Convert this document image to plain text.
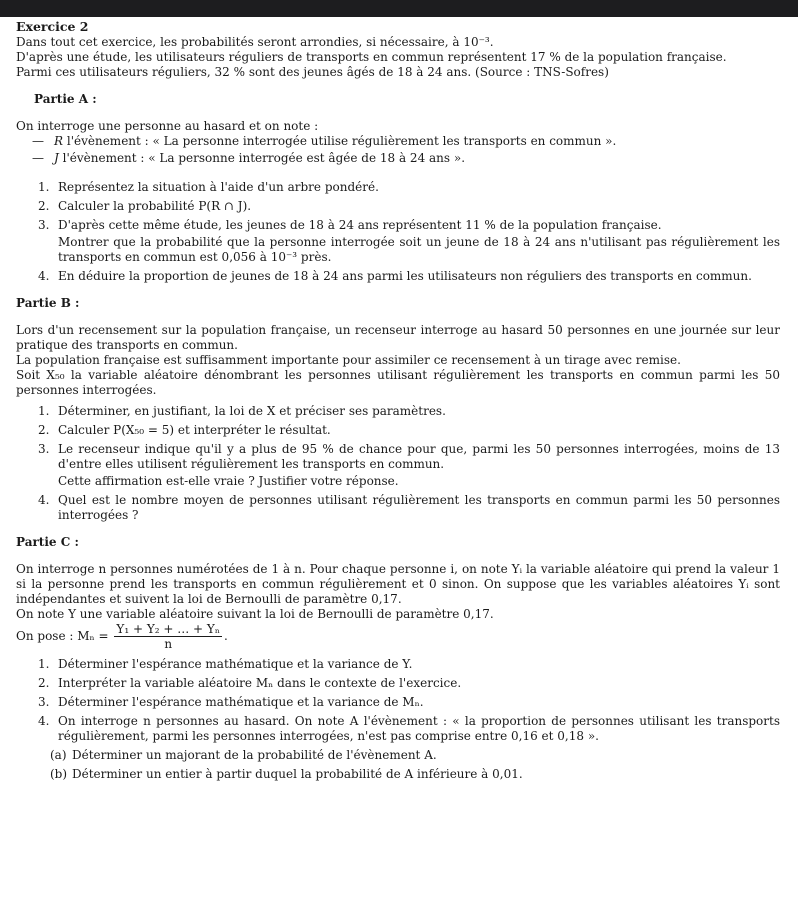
Exercice 2

Dans tout cet exercice, les probabilités seront arrondies, si nécessaire, à 10⁻³.

D'après une étude, les utilisateurs réguliers de transports en commun représentent 17 % de la population française.

Parmi ces utilisateurs réguliers, 32 % sont des jeunes âgés de 18 à 24 ans. (Source : TNS-Sofres)

Partie A :

On interroge une personne au hasard et on note :

— R l'évènement : « La personne interrogée utilise régulièrement les transports en commun ».
— J l'évènement : « La personne interrogée est âgée de 18 à 24 ans ».
1. Représentez la situation à l'aide d'un arbre pondéré.
2. Calculer la probabilité P(R ∩ J).
3. D'après cette même étude, les jeunes de 18 à 24 ans représentent 11 % de la population française.
Montrer que la probabilité que la personne interrogée soit un jeune de 18 à 24 ans n'utilisant pas régulièrement les transports en commun est 0,056 à 10⁻³ près.
4. En déduire la proportion de jeunes de 18 à 24 ans parmi les utilisateurs non réguliers des transports en commun.
Partie B :

Lors d'un recensement sur la population française, un recenseur interroge au hasard 50 personnes en une journée sur leur pratique des transports en commun.

La population française est suffisamment importante pour assimiler ce recensement à un tirage avec remise.

Soit X₅₀ la variable aléatoire dénombrant les personnes utilisant régulièrement les transports en commun parmi les 50 personnes interrogées.

1. Déterminer, en justifiant, la loi de X et préciser ses paramètres.
2. Calculer P(X₅₀ = 5) et interpréter le résultat.
3. Le recenseur indique qu'il y a plus de 95 % de chance pour que, parmi les 50 personnes interrogées, moins de 13 d'entre elles utilisent régulièrement les transports en commun.
Cette affirmation est-elle vraie ? Justifier votre réponse.
4. Quel est le nombre moyen de personnes utilisant régulièrement les transports en commun parmi les 50 personnes interrogées ?
Partie C :

On interroge n personnes numérotées de 1 à n. Pour chaque personne i, on note Yᵢ la variable aléatoire qui prend la valeur 1 si la personne prend les transports en commun régulièrement et 0 sinon. On suppose que les variables aléatoires Yᵢ sont indépendantes et suivent la loi de Bernoulli de paramètre 0,17.

On note Y une variable aléatoire suivant la loi de Bernoulli de paramètre 0,17.

On pose : $M_n = \frac{\text{Y₁ + Y₂ + … + Yₙ}}{n}$ .

1. Déterminer l'espérance mathématique et la variance de Y.
2. Interpréter la variable aléatoire Mₙ dans le contexte de l'exercice.
3. Déterminer l'espérance mathématique et la variance de Mₙ.
4. On interroge n personnes au hasard. On note A l'évènement : « la proportion de personnes utilisant les transports régulièrement, parmi les personnes interrogées, n'est pas comprise entre 0,16 et 0,18 ».
(a) Déterminer un majorant de la probabilité de l'évènement A.
(b) Déterminer un entier à partir duquel la probabilité de A inférieure à 0,01.
